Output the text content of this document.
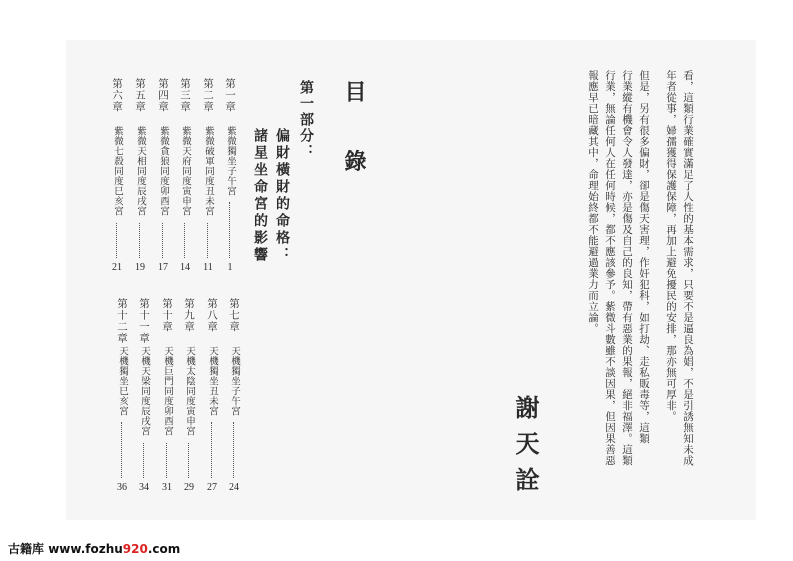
目 錄
第一部分：
偏財橫財的命格：
諸星坐命宮的影響
第一章
紫微獨坐子午宮
1
第二章
紫微破軍同度丑未宮
11
第三章
紫微天府同度寅申宮
14
第四章
紫微貪狼同度卯酉宮
17
第五章
紫微天相同度辰戌宮
19
第六章
紫微七殺同度巳亥宮
21
第七章
天機獨坐子午宮
24
第八章
天機獨坐丑未宮
27
第九章
天機太陰同度寅申宮
29
第十章
天機巨門同度卯酉宮
31
第十一章
天機天梁同度辰戌宮
34
第十二章
天機獨坐巳亥宮
36
看，這類行業確實滿足了人性的基本需求，只要不是逼良為娼，不是引誘無知未成
年者從事，婦孺獲得保護保障，再加上避免擾民的安排，那亦無可厚非。
但是，另有很多偏財，卻是傷天害理，作奸犯科，如打劫、走私販毒等，這類
行業縱有機會令人發達，亦是傷及自己的良知，帶有惡業的果報，絕非福澤。這類
行業，無論任何人在任何時候，都不應該參予。紫微斗數雖不談因果，但因果善惡
報應早已暗藏其中，命理始終都不能避過業力而立論。
謝天詮
古籍库 www.fozhu920.com
